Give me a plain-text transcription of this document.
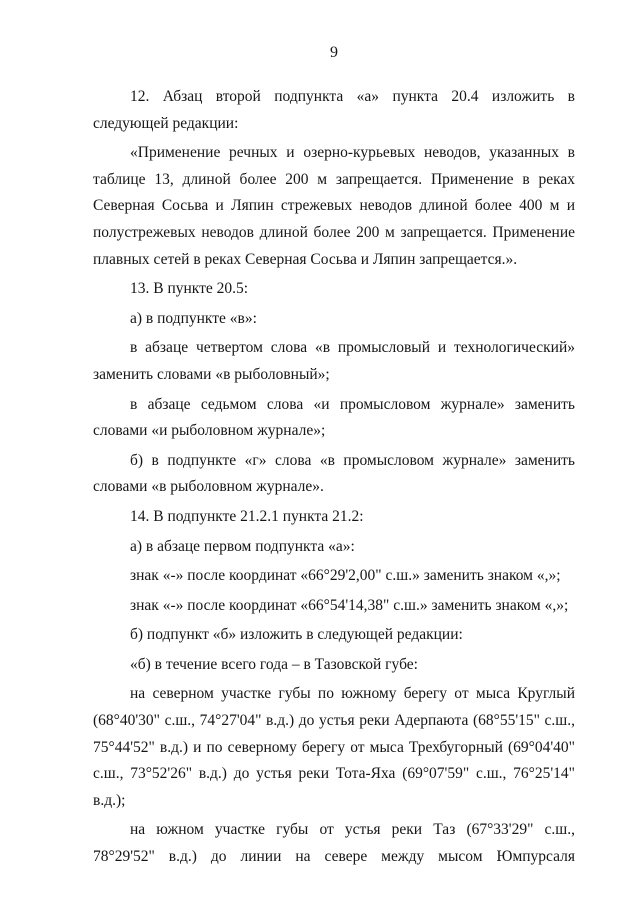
9

12. Абзац второй подпункта «а» пункта 20.4 изложить в следующей редакции:

«Применение речных и озерно-курьевых неводов, указанных в таблице 13, длиной более 200 м запрещается. Применение в реках Северная Сосьва и Ляпин стрежевых неводов длиной более 400 м и полустрежевых неводов длиной более 200 м запрещается. Применение плавных сетей в реках Северная Сосьва и Ляпин запрещается.».

13. В пункте 20.5:

а) в подпункте «в»:

в абзаце четвертом слова «в промысловый и технологический» заменить словами «в рыболовный»;

в абзаце седьмом слова «и промысловом журнале» заменить словами «и рыболовном журнале»;

б) в подпункте «г» слова «в промысловом журнале» заменить словами «в рыболовном журнале».

14. В подпункте 21.2.1 пункта 21.2:

а) в абзаце первом подпункта «а»:

знак «-» после координат «66°29'2,00" с.ш.» заменить знаком «,»;

знак «-» после координат «66°54'14,38" с.ш.» заменить знаком «,»;

б) подпункт «б» изложить в следующей редакции:

«б) в течение всего года – в Тазовской губе:

на северном участке губы по южному берегу от мыса Круглый (68°40'30" с.ш., 74°27'04" в.д.) до устья реки Адерпаюта (68°55'15" с.ш., 75°44'52" в.д.) и по северному берегу от мыса Трехбугорный (69°04'40" с.ш., 73°52'26" в.д.) до устья реки Тота-Яха (69°07'59" с.ш., 76°25'14" в.д.);

на южном участке губы от устья реки Таз (67°33'29" с.ш., 78°29'52" в.д.) до линии на севере между мысом Юмпурсаля
